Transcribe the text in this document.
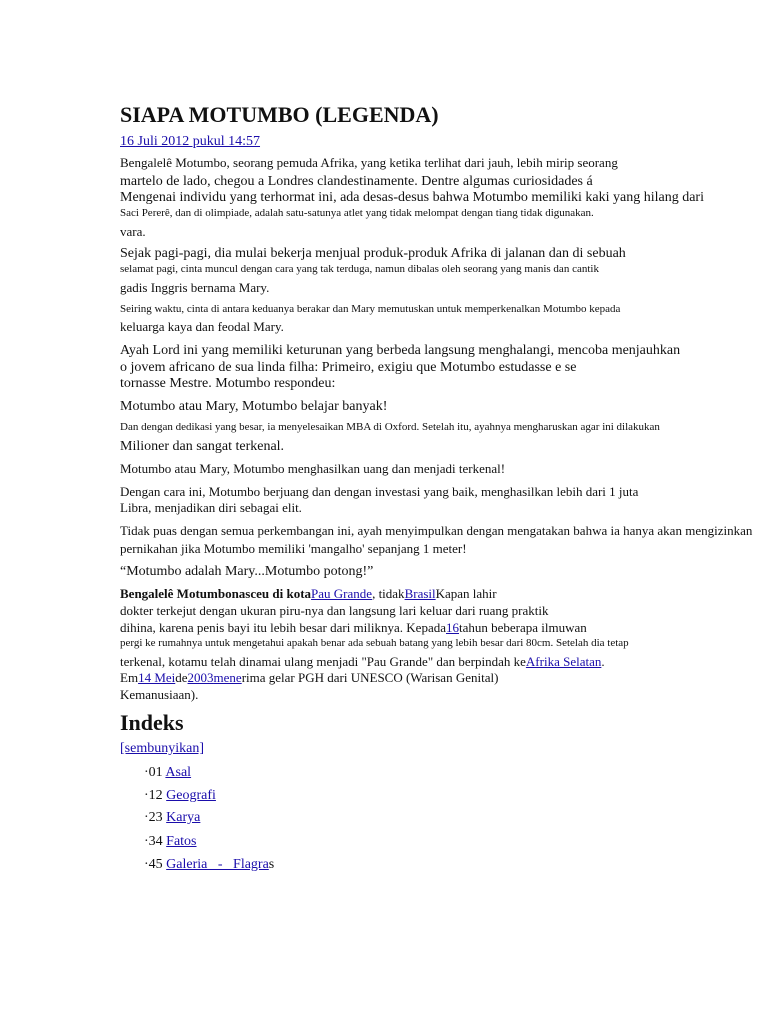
SIAPA MOTUMBO (LEGENDA)
16 Juli 2012 pukul 14:57
Bengalelê Motumbo, seorang pemuda Afrika, yang ketika terlihat dari jauh, lebih mirip seorang
martelo de lado, chegou a Londres clandestinamente. Dentre algumas curiosidades á
Mengenai individu yang terhormat ini, ada desas-desus bahwa Motumbo memiliki kaki yang hilang dari
Saci Pererê, dan di olimpiade, adalah satu-satunya atlet yang tidak melompat dengan tiang tidak digunakan.
vara.
Sejak pagi-pagi, dia mulai bekerja menjual produk-produk Afrika di jalanan dan di sebuah
selamat pagi, cinta muncul dengan cara yang tak terduga, namun dibalas oleh seorang yang manis dan cantik
gadis Inggris bernama Mary.
Seiring waktu, cinta di antara keduanya berakar dan Mary memutuskan untuk memperkenalkan Motumbo kepada
keluarga kaya dan feodal Mary.
Ayah Lord ini yang memiliki keturunan yang berbeda langsung menghalangi, mencoba menjauhkan
o jovem africano de sua linda filha: Primeiro, exigiu que Motumbo estudasse e se
tornasse Mestre. Motumbo respondeu:
Motumbo atau Mary, Motumbo belajar banyak!
Dan dengan dedikasi yang besar, ia menyelesaikan MBA di Oxford. Setelah itu, ayahnya mengharuskan agar ini dilakukan
Milioner dan sangat terkenal.
Motumbo atau Mary, Motumbo menghasilkan uang dan menjadi terkenal!
Dengan cara ini, Motumbo berjuang dan dengan investasi yang baik, menghasilkan lebih dari 1 juta
Libra, menjadikan diri sebagai elit.
Tidak puas dengan semua perkembangan ini, ayah menyimpulkan dengan mengatakan bahwa ia hanya akan mengizinkan
pernikahan jika Motumbo memiliki 'mangalho' sepanjang 1 meter!
“Motumbo adalah Mary...Motumbo potong!”
Bengalelê Motumbonasceu di kotaPau Grande, tidakBrasilKapan lahir
dokter terkejut dengan ukuran piru-nya dan langsung lari keluar dari ruang praktik
dihina, karena penis bayi itu lebih besar dari miliknya. Kepada16tahun beberapa ilmuwan
pergi ke rumahnya untuk mengetahui apakah benar ada sebuah batang yang lebih besar dari 80cm. Setelah dia tetap
terkenal, kotamu telah dinamai ulang menjadi "Pau Grande" dan berpindah keAfrika Selatan.
Em14 Meide2003menerima gelar PGH dari UNESCO (Warisan Genital)
Kemanusiaan).
Indeks
[sembunyikan]
·01 Asal
·12 Geografi
·23 Karya
·34 Fatos
·45 Galeria   -   Flagras
